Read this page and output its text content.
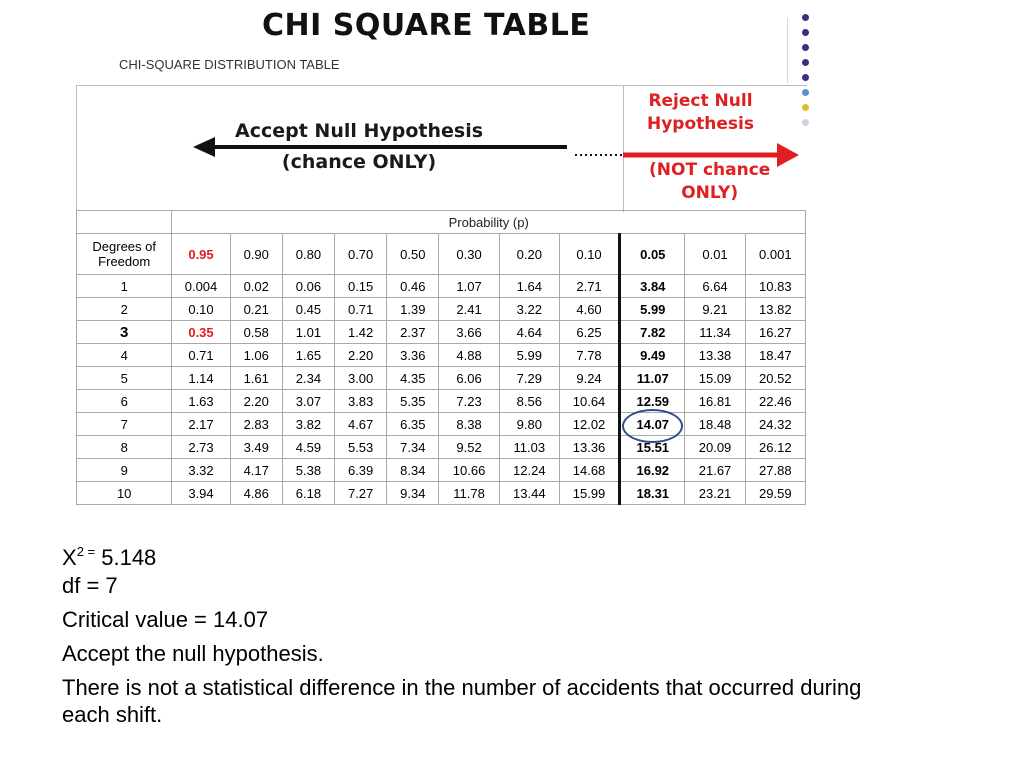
CHI SQUARE TABLE
CHI-SQUARE DISTRIBUTION TABLE
Accept Null Hypothesis
(chance ONLY)
Reject Null
Hypothesis
(NOT chance
ONLY)
	Probability (p)										

Degrees of
Freedom	0.95	0.90	0.80	0.70	0.50	0.30	0.20	0.10	0.05	0.01	0.001
1	0.004	0.02	0.06	0.15	0.46	1.07	1.64	2.71	3.84	6.64	10.83
2	0.10	0.21	0.45	0.71	1.39	2.41	3.22	4.60	5.99	9.21	13.82
3	0.35	0.58	1.01	1.42	2.37	3.66	4.64	6.25	7.82	11.34	16.27
4	0.71	1.06	1.65	2.20	3.36	4.88	5.99	7.78	9.49	13.38	18.47
5	1.14	1.61	2.34	3.00	4.35	6.06	7.29	9.24	11.07	15.09	20.52
6	1.63	2.20	3.07	3.83	5.35	7.23	8.56	10.64	12.59	16.81	22.46
7	2.17	2.83	3.82	4.67	6.35	8.38	9.80	12.02	14.07	18.48	24.32
8	2.73	3.49	4.59	5.53	7.34	9.52	11.03	13.36	15.51	20.09	26.12
9	3.32	4.17	5.38	6.39	8.34	10.66	12.24	14.68	16.92	21.67	27.88
10	3.94	4.86	6.18	7.27	9.34	11.78	13.44	15.99	18.31	23.21	29.59
$X^{2 =}$ 5.148
df = 7
Critical value = 14.07
Accept the null hypothesis.
There is not a statistical difference in the number of accidents that occurred during each shift.
